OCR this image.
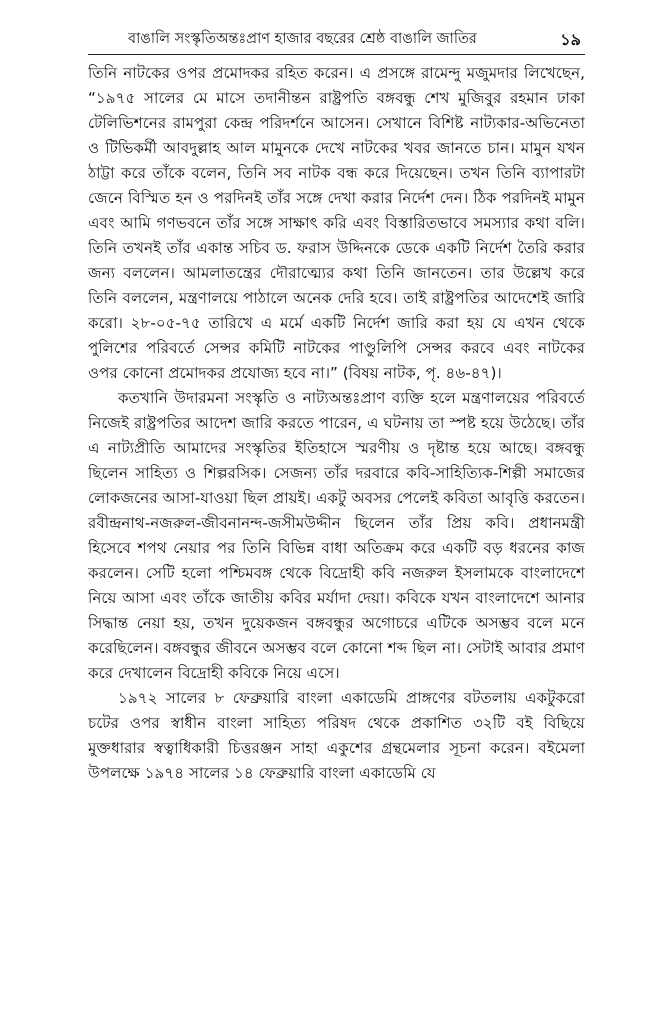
বাঙালি সংস্কৃতিঅন্তঃপ্রাণ হাজার বছরের শ্রেষ্ঠ বাঙালি জাতির	১৯

তিনি নাটকের ওপর প্রমোদকর রহিত করেন। এ প্রসঙ্গে রামেন্দু মজুমদার লিখেছেন, “১৯৭৫ সালের মে মাসে তদানীন্তন রাষ্ট্রপতি বঙ্গবন্ধু শেখ মুজিবুর রহমান ঢাকা টেলিভিশনের রামপুরা কেন্দ্র পরিদর্শনে আসেন। সেখানে বিশিষ্ট নাট্যকার-অভিনেতা ও টিভিকর্মী আবদুল্লাহ আল মামুনকে দেখে নাটকের খবর জানতে চান। মামুন যখন ঠাট্টা করে তাঁকে বলেন, তিনি সব নাটক বন্ধ করে দিয়েছেন। তখন তিনি ব্যাপারটা জেনে বিস্মিত হন ও পরদিনই তাঁর সঙ্গে দেখা করার নির্দেশ দেন। ঠিক পরদিনই মামুন এবং আমি গণভবনে তাঁর সঙ্গে সাক্ষাৎ করি এবং বিস্তারিতভাবে সমস্যার কথা বলি। তিনি তখনই তাঁর একান্ত সচিব ড. ফরাস উদ্দিনকে ডেকে একটি নির্দেশ তৈরি করার জন্য বললেন। আমলাতন্ত্রের দৌরাত্ম্যের কথা তিনি জানতেন। তার উল্লেখ করে তিনি বললেন, মন্ত্রণালয়ে পাঠালে অনেক দেরি হবে। তাই রাষ্ট্রপতির আদেশেই জারি করো। ২৮-০৫-৭৫ তারিখে এ মর্মে একটি নির্দেশ জারি করা হয় যে এখন থেকে পুলিশের পরিবর্তে সেন্সর কমিটি নাটকের পাণ্ডুলিপি সেন্সর করবে এবং নাটকের ওপর কোনো প্রমোদকর প্রযোজ্য হবে না।” (বিষয় নাটক, পৃ. ৪৬-৪৭)।

কতখানি উদারমনা সংস্কৃতি ও নাট্যঅন্তঃপ্রাণ ব্যক্তি হলে মন্ত্রণালয়ের পরিবর্তে নিজেই রাষ্ট্রপতির আদেশ জারি করতে পারেন, এ ঘটনায় তা স্পষ্ট হয়ে উঠেছে। তাঁর এ নাট্যপ্রীতি আমাদের সংস্কৃতির ইতিহাসে স্মরণীয় ও দৃষ্টান্ত হয়ে আছে। বঙ্গবন্ধু ছিলেন সাহিত্য ও শিল্পরসিক। সেজন্য তাঁর দরবারে কবি-সাহিত্যিক-শিল্পী সমাজের লোকজনের আসা-যাওয়া ছিল প্রায়ই। একটু অবসর পেলেই কবিতা আবৃত্তি করতেন। রবীন্দ্রনাথ-নজরুল-জীবনানন্দ-জসীমউদ্দীন ছিলেন তাঁর প্রিয় কবি। প্রধানমন্ত্রী হিসেবে শপথ নেয়ার পর তিনি বিভিন্ন বাধা অতিক্রম করে একটি বড় ধরনের কাজ করলেন। সেটি হলো পশ্চিমবঙ্গ থেকে বিদ্রোহী কবি নজরুল ইসলামকে বাংলাদেশে নিয়ে আসা এবং তাঁকে জাতীয় কবির মর্যাদা দেয়া। কবিকে যখন বাংলাদেশে আনার সিদ্ধান্ত নেয়া হয়, তখন দুয়েকজন বঙ্গবন্ধুর অগোচরে এটিকে অসম্ভব বলে মনে করেছিলেন। বঙ্গবন্ধুর জীবনে অসম্ভব বলে কোনো শব্দ ছিল না। সেটাই আবার প্রমাণ করে দেখালেন বিদ্রোহী কবিকে নিয়ে এসে।

১৯৭২ সালের ৮ ফেব্রুয়ারি বাংলা একাডেমি প্রাঙ্গণের বটতলায় একটুকরো চটের ওপর স্বাধীন বাংলা সাহিত্য পরিষদ থেকে প্রকাশিত ৩২টি বই বিছিয়ে মুক্তধারার স্বত্বাধিকারী চিত্তরঞ্জন সাহা একুশের গ্রন্থমেলার সূচনা করেন। বইমেলা উপলক্ষে ১৯৭৪ সালের ১৪ ফেব্রুয়ারি বাংলা একাডেমি যে
